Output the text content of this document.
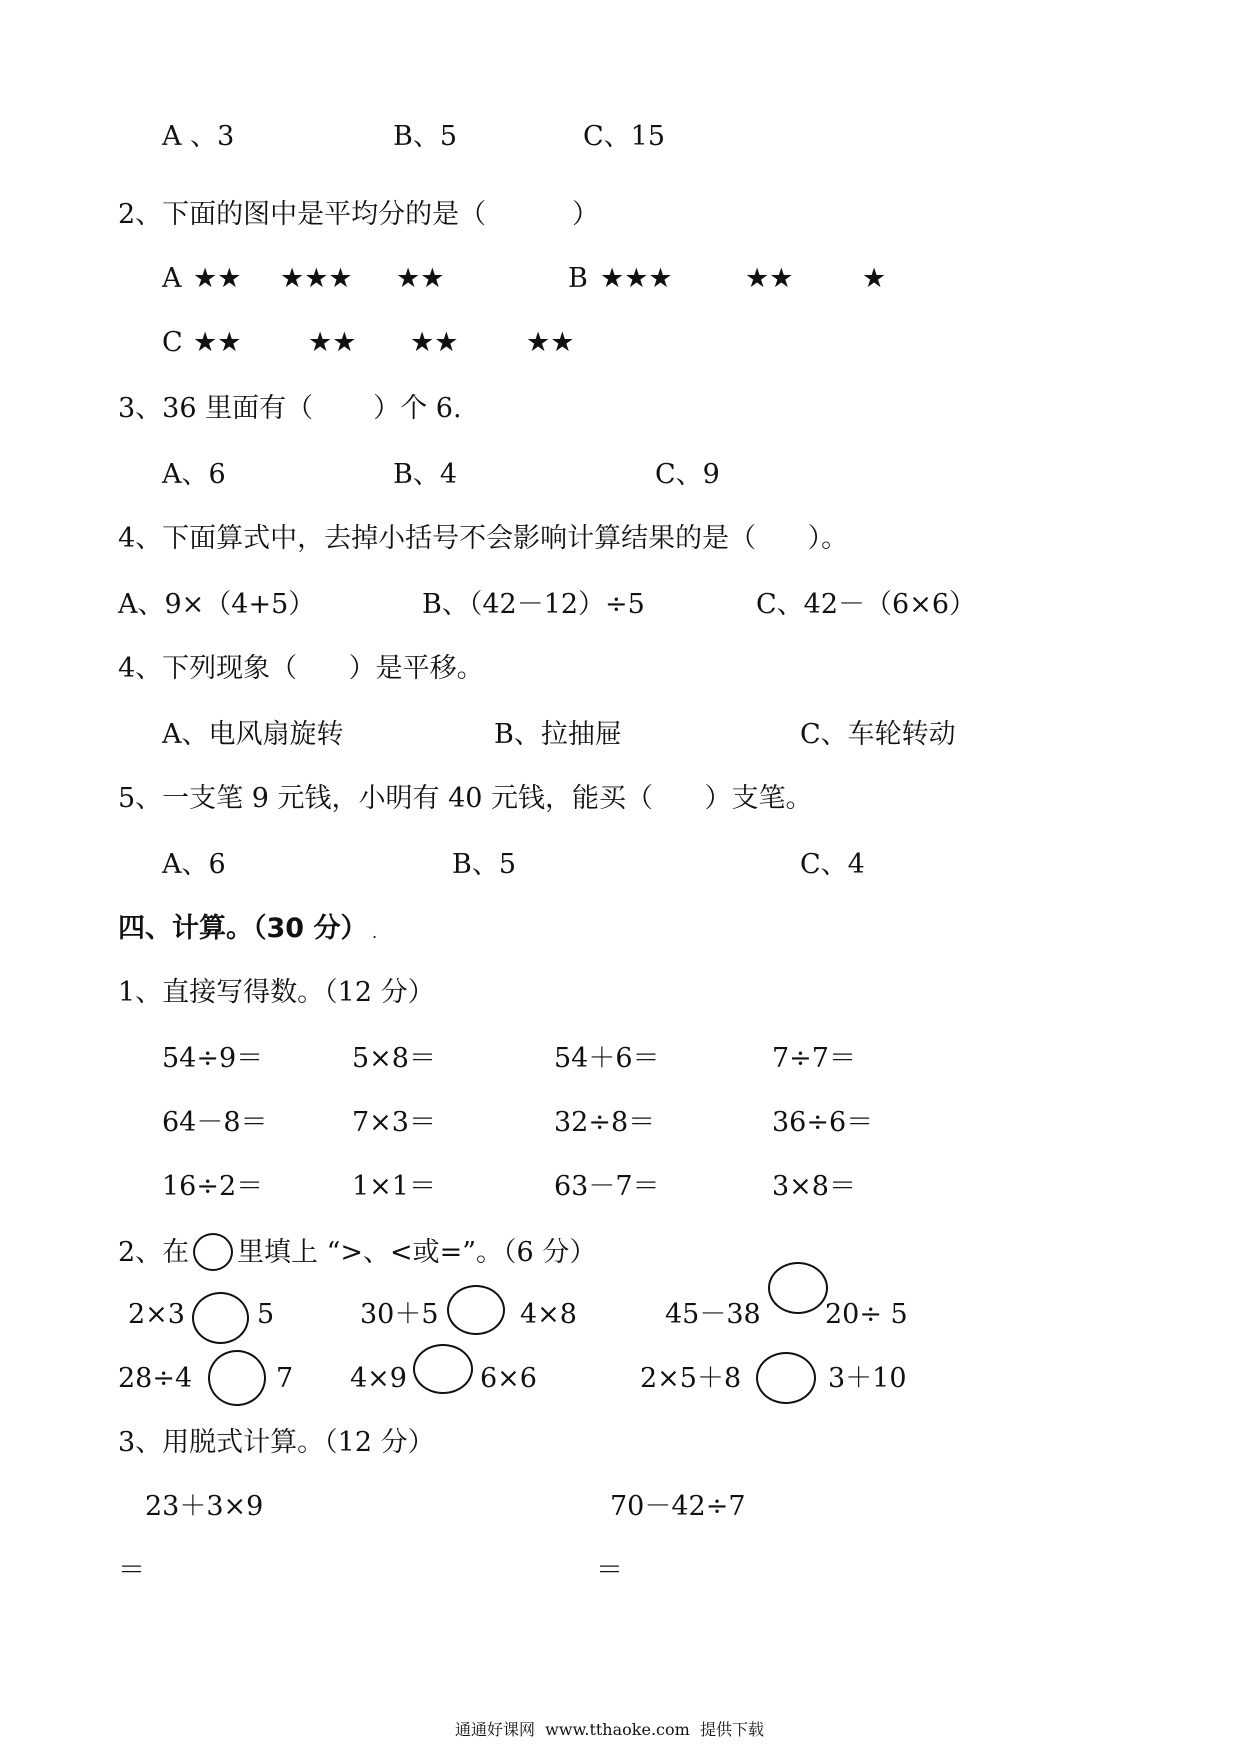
A 、3	B、5	C、15
2、下面的图中是平均分的是（          ）
A ★★ ★★★ ★★	B ★★★	★★	★
C ★★ ★★ ★★	★★
3、36 里面有（       ）个 6.
A、6	B、4	C、9
4、下面算式中，去掉小括号不会影响计算结果的是（      ）。
A、9×（4+5）	B、（42－12）÷5	C、42－（6×6）
4、下列现象（      ）是平移。
A、电风扇旋转	B、拉抽屉	C、车轮转动
5、一支笔 9 元钱，小明有 40 元钱，能买（      ）支笔。
A、6	B、5	C、4
四、计算。（30 分） .
1、直接写得数。（12 分）
54÷9＝	5×8＝	54＋6＝	7÷7＝
64－8＝	7×3＝	32÷8＝	36÷6＝
16÷2＝	1×1＝	63－7＝	3×8＝
2、在 里填上 “>、<或=”。（6 分）
2×3	5	30＋5	4×8	45－38 20÷ 5
28÷4	7 4×9	6×6	2×5＋8	3＋10
3、用脱式计算。（12 分）
23＋3×9	70－42÷7
＝	＝
通通好课网  www.tthaoke.com  提供下载
